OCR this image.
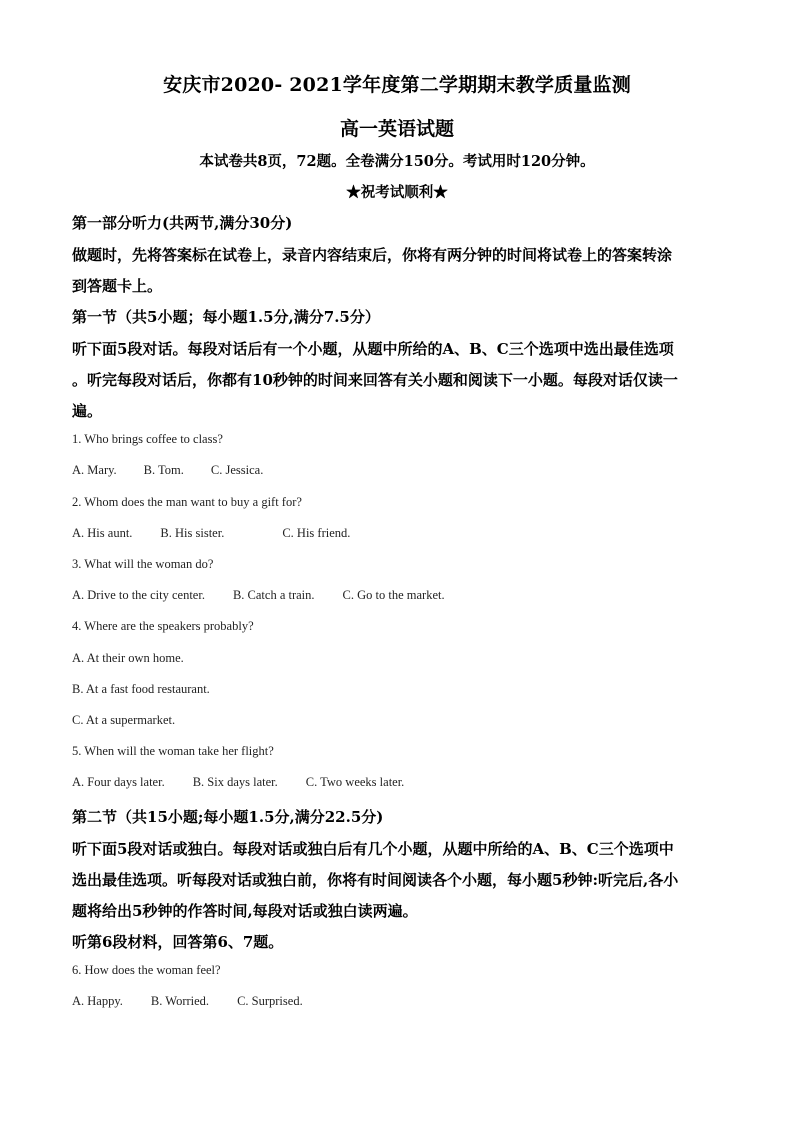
安庆市2020- 2021学年度第二学期期末教学质量监测
高一英语试题
本试卷共8页，72题。全卷满分150分。考试用时120分钟。
★祝考试顺利★
第一部分听力(共两节,满分30分)
做题时，先将答案标在试卷上，录音内容结束后，你将有两分钟的时间将试卷上的答案转涂
到答题卡上。
第一节（共5小题；每小题1.5分,满分7.5分）
听下面5段对话。每段对话后有一个小题，从题中所给的A、B、C三个选项中选出最佳选项
。听完每段对话后，你都有10秒钟的时间来回答有关小题和阅读下一小题。每段对话仅读一
遍。
1. Who brings coffee to class?
A. Mary. B. Tom. C. Jessica.
2. Whom does the man want to buy a gift for?
A. His aunt. B. His sister.	C. His friend.
3. What will the woman do?
A. Drive to the city center. B. Catch a train. C. Go to the market.
4. Where are the speakers probably?
A. At their own home.
B. At a fast food restaurant.
C. At a supermarket.
5. When will the woman take her flight?
A. Four days later. B. Six days later. C. Two weeks later.
第二节（共15小题;每小题1.5分,满分22.5分)
听下面5段对话或独白。每段对话或独白后有几个小题，从题中所给的A、B、C三个选项中
选出最佳选项。听每段对话或独白前，你将有时间阅读各个小题，每小题5秒钟:听完后,各小
题将给出5秒钟的作答时间,每段对话或独白读两遍。
听第6段材料，回答第6、7题。
6. How does the woman feel?
A. Happy. B. Worried. C. Surprised.
